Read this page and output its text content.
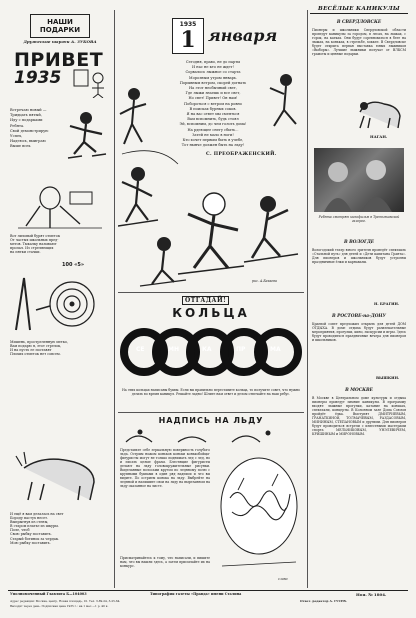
НАШИ
ПОДАРКИ
Дружеские шаржи А. ЗУБОВА
ПРИВЕТ
1935
Встречаю новый —
Тридцать пятый,
Иду с подарками
Ребята.
Свой демонстрирую
Успех,
Надеюсь, выиграю
Выше всех.
Вот лиловый бурят отметок
От частых школьных пред-
метов. Тыкалку называют
пропал. Из стреляющих
на пятки стачки.
100 «5»
Мишень, простреленную метко,
Вам подарю я, этот стрелок,
И на пусть ее поставят
Плохих отметок нет совсем.
И ещё я вам делалась на свет
Бороду пастух несет.
Выпрыгнув из стены,
В старом платье из шкуры.
Поле, чтоб
Свою рыбку поставить.
Старый ботинок за чердак.
Мою рыбку поставить.
1935
1 января
Сегодня, право, не до парты
И нас не кто не ждет!
Сорвалось лыжное со старта
Морозным утром январь.
Порывным ветром, скорей догнать
На этот необычный свет,
Где лыжи знаешь и все свет,
Но свет! Привет! Он нам!
Побороться с ветром на ровно
В поисках бурных соков.
Я на вас ответ мы смеяться
Вам вспомнить, будь стоял
Эй, вспомним, до чем голоть дома!
На рдеющее снегу сбыть...
Затей не мало в ноги!
Кто хочет первым быть в учебе,
Тот нынче должен быть на льду!
С. ПРЕОБРАЖЕНСКИЙ.
рис. А.Бахаева
ОТГАДАЙ!
КОЛЬЦА
СЕ	МН	КА	ПР	МА
На этих кольцах написаны буквы. Если вы правильно переставите кольца, то получите совет, что нужно делать во время каникул. Решайте ладно! Шлите нам ответ и делом отвечайте на наш ребус.
НАДПИСЬ НА ЛЬДУ
Представьте себе зеркальную поверхность голубого льда. Острым ножом коньков коньки конькобойцы-фигуристы могут не только поднимать лед с лед, но и писать целые фразы. Блестящие фигуристы делают на льду головокружительные рисунки. Выделанные полосами кругом по ледяному полю с крупными буквами в один ряд надписи и что вы видите. По острием конька на льду. Выбрейте на ледяной и напишите свои на льду на вырезанном на льду сказанное на листе.
Присматривайтесь к тому, что написали, и пишите нам, что вы нашли здесь, а затем присылайте их на конкурс.
слово
ВЕСЁЛЫЕ КАНИКУЛЫ
В СВЕРДЛОВСКЕ
Пионеры и школьники Свердловской области проведут каникулы за городом, в лесах, на лыжах, с горок, на катках. Они будут соревноваться в беге на лыжах, на коньках, в стрельбе, хоккее. В Свердловске будет открыта первая выставка юных лыжников «Выборы». Лучшие лыжники получат от ВЛКСМ грамоты и ценные подарки.
НАГАН.
Ребята смотрят кинофильм в Третьяковской галерее.
В ВОЛОГДЕ
Вологодский театр юного зрителя проведёт спектакль «Стальной путь» для детей и «Дети капитана Гранта». Для пионеров и школьников будут устроены праздничные ёлки и карнавалы.
Н. БРАГИН.
В РОСТОВЕ-на-ДОНУ
Краевой совет предложил открыть для детей ДОМ ОТДЫХА. В доме отдыха будут развлекательные мероприятия, прогулки, кино, экскурсии и игры. Здесь будут проводиться праздничные вечера для пионеров и школьников.
ВЫШКИН.
В МОСКВЕ
В Москве в Центральном доме культуры и отдыха пионеры проведут зимние каникулы. В программу входят: лыжные прогулки, катание на коньках, спектакли, концерты. В Колонном зале Дома Союзов пройдёт ёлка. Выступят ДМИТРИЕВЫМ, ГРАНАТКИНОЙ, ТОЛМАЧЕВЫМ, РАЗДАСОВЫМ, МИНИНЫМ, СТЕПАНОВЫМ и другими. Для пионеров будут проводиться встречи с известными мастерами спорта МЕЛЬНИКОВЫМ, УНЭЛЕВИЧЕМ, КРИШИНЫМ и МИРОНОВЫМ.
Уполномоченный Главлита Б—104003	Типография газеты «Правда» имени Сталина	Ноя. № 1804.
Адрес редакции: Москва, центр, Новая площадь, 10. Тел. 3-89-24, 3-25-64.
Выходит через день. Подписная цена 1935 г.: на 1 мес.—1 р. 40 к.
Ответ. редактор А. ГУСЕВ.
